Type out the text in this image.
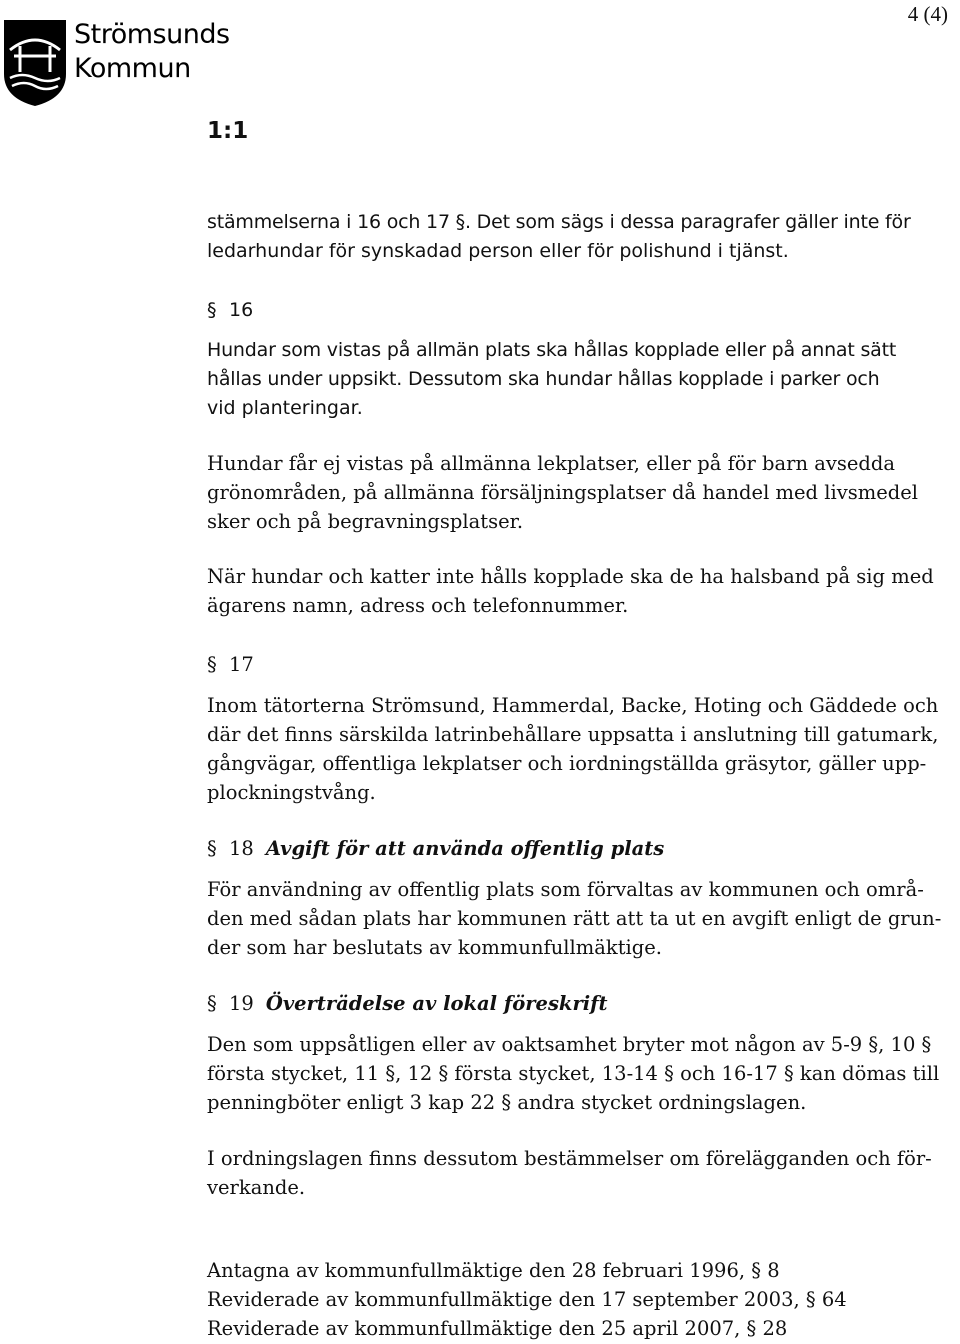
Strömsunds
Kommun
4 (4)
1:1

stämmelserna i 16 och 17 §. Det som sägs i dessa paragrafer gäller inte för

ledarhundar för synskadad person eller för polishund i tjänst.

§ 16

Hundar som vistas på allmän plats ska hållas kopplade eller på annat sätt

hållas under uppsikt. Dessutom ska hundar hållas kopplade i parker och

vid planteringar.

Hundar får ej vistas på allmänna lekplatser, eller på för barn avsedda

grönområden, på allmänna försäljningsplatser då handel med livsmedel

sker och på begravningsplatser.

När hundar och katter inte hålls kopplade ska de ha halsband på sig med

ägarens namn, adress och telefonnummer.

§ 17

Inom tätorterna Strömsund, Hammerdal, Backe, Hoting och Gäddede och

där det finns särskilda latrinbehållare uppsatta i anslutning till gatumark,

gångvägar, offentliga lekplatser och iordningställda gräsytor, gäller upp-

plockningstvång.

§ 18 Avgift för att använda offentlig plats

För användning av offentlig plats som förvaltas av kommunen och områ-

den med sådan plats har kommunen rätt att ta ut en avgift enligt de grun-

der som har beslutats av kommunfullmäktige.

§ 19 Överträdelse av lokal föreskrift

Den som uppsåtligen eller av oaktsamhet bryter mot någon av 5-9 §, 10 §

första stycket, 11 §, 12 § första stycket, 13-14 § och 16-17 § kan dömas till

penningböter enligt 3 kap 22 § andra stycket ordningslagen.

I ordningslagen finns dessutom bestämmelser om förelägganden och för-

verkande.

Antagna av kommunfullmäktige den 28 februari 1996, § 8

Reviderade av kommunfullmäktige den 17 september 2003, § 64

Reviderade av kommunfullmäktige den 25 april 2007, § 28
